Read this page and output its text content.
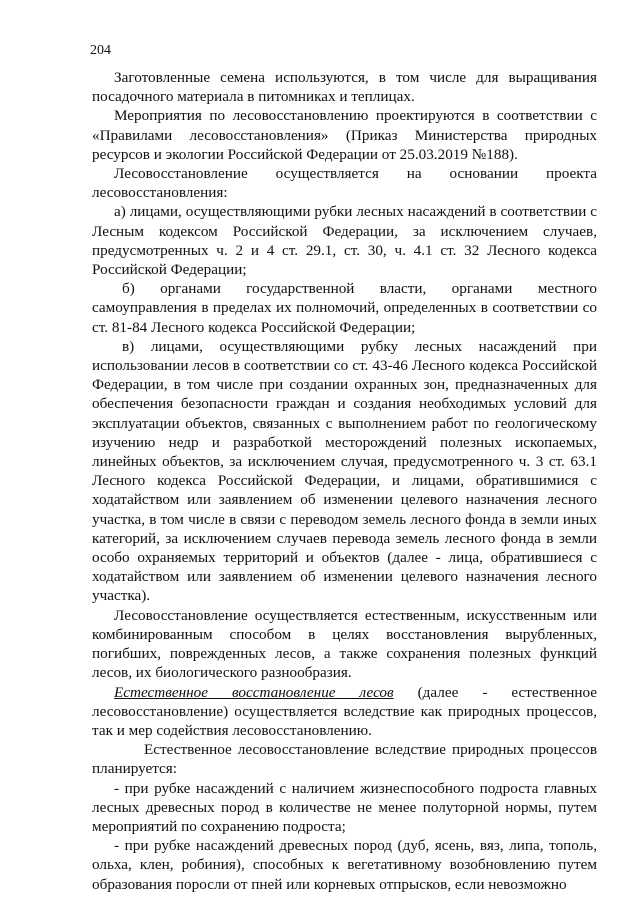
204

Заготовленные семена используются, в том числе для выращивания посадочного материала в питомниках и теплицах.

Мероприятия по лесовосстановлению проектируются в соответствии с «Правилами лесовосстановления» (Приказ Министерства природных ресурсов и экологии Российской Федерации от 25.03.2019 №188).

Лесовосстановление осуществляется на основании проекта лесовосстановления:

а) лицами, осуществляющими рубки лесных насаждений в соответствии с Лесным кодексом Российской Федерации, за исключением случаев, предусмотренных ч. 2 и 4 ст. 29.1, ст. 30, ч. 4.1 ст. 32 Лесного кодекса Российской Федерации;

б) органами государственной власти, органами местного самоуправления в пределах их полномочий, определенных в соответствии со ст. 81-84 Лесного кодекса Российской Федерации;

в) лицами, осуществляющими рубку лесных насаждений при использовании лесов в соответствии со ст. 43-46 Лесного кодекса Российской Федерации, в том числе при создании охранных зон, предназначенных для обеспечения безопасности граждан и создания необходимых условий для эксплуатации объектов, связанных с выполнением работ по геологическому изучению недр и разработкой месторождений полезных ископаемых, линейных объектов, за исключением случая, предусмотренного ч. 3 ст. 63.1 Лесного кодекса Российской Федерации, и лицами, обратившимися с ходатайством или заявлением об изменении целевого назначения лесного участка, в том числе в связи с переводом земель лесного фонда в земли иных категорий, за исключением случаев перевода земель лесного фонда в земли особо охраняемых территорий и объектов (далее - лица, обратившиеся с ходатайством или заявлением об изменении целевого назначения лесного участка).

Лесовосстановление осуществляется естественным, искусственным или комбинированным способом в целях восстановления вырубленных, погибших, поврежденных лесов, а также сохранения полезных функций лесов, их биологического разнообразия.

Естественное восстановление лесов (далее - естественное лесовосстановление) осуществляется вследствие как природных процессов, так и мер содействия лесовосстановлению.

Естественное лесовосстановление вследствие природных процессов планируется:

- при рубке насаждений с наличием жизнеспособного подроста главных лесных древесных пород в количестве не менее полуторной нормы, путем мероприятий по сохранению подроста;

- при рубке насаждений древесных пород (дуб, ясень, вяз, липа, тополь, ольха, клен, робиния), способных к вегетативному возобновлению путем образования поросли от пней или корневых отпрысков, если невозможно
